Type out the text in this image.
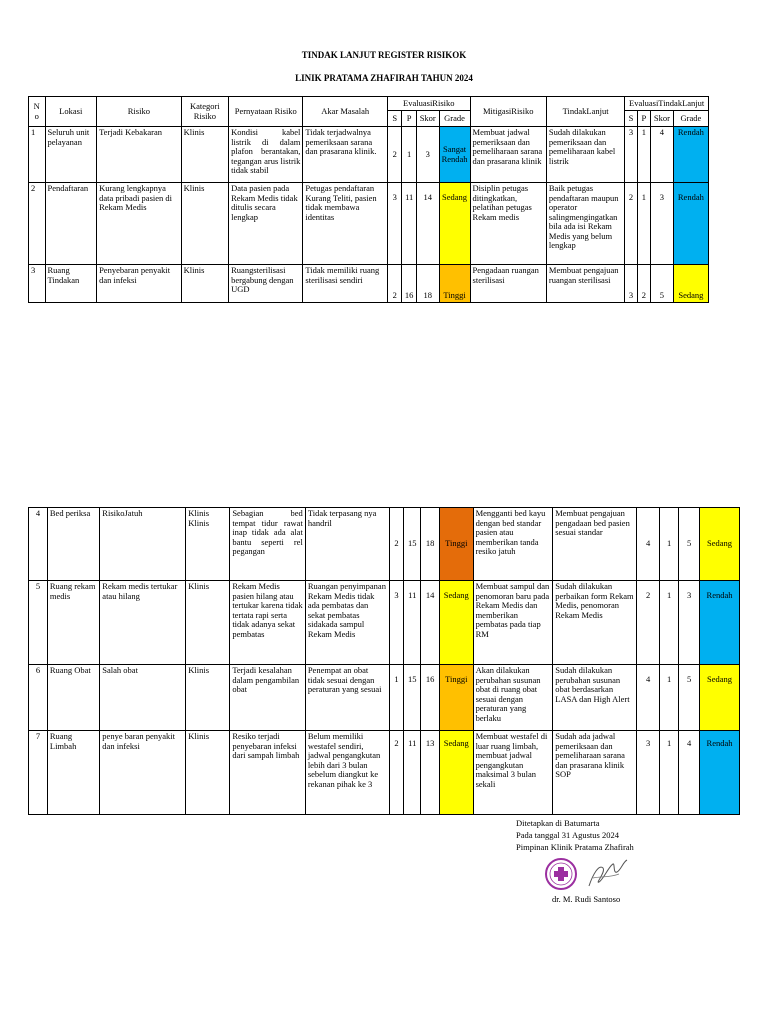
TINDAK LANJUT REGISTER RISIKOK
LINIK PRATAMA ZHAFIRAH TAHUN 2024
N o	Lokasi	Risiko	Kategori Risiko	Pernyataan Risiko	Akar Masalah	EvaluasiRisiko				MitigasiRisiko	TindakLanjut	EvaluasiTindakLanjut			
						S	P	Skor	Grade			S	P	Skor	Grade
1	Seluruh unit pelayanan	Terjadi Kebakaran	Klinis	Kondisi kabel listrik di dalam plafon berantakan, tegangan arus listrik tidak stabil	Tidak terjadwalnya pemeriksaan sarana dan prasarana klinik.	2	1	3	Sangat Rendah	Membuat jadwal pemeriksaan dan pemeliharaan sarana dan prasarana klinik	Sudah dilakukan pemeriksaan dan pemeliharaan kabel listrik	3	1	4	Rendah
2	Pendaftaran	Kurang lengkapnya data pribadi pasien di Rekam Medis	Klinis	Data pasien pada Rekam Medis tidak ditulis secara lengkap	Petugas pendaftaran Kurang Teliti, pasien tidak membawa identitas	3	11	14	Sedang	Disiplin petugas ditingkatkan, pelatihan petugas Rekam medis	Baik petugas pendaftaran maupun operator salingmengingatkan bila ada isi Rekam Medis yang belum lengkap	2	1	3	Rendah
3	Ruang Tindakan	Penyebaran penyakit dan infeksi	Klinis	Ruangsterilisasi bergabung dengan UGD	Tidak memiliki ruang sterilisasi sendiri	2	16	18	Tinggi	Pengadaan ruangan sterilisasi	Membuat pengajuan ruangan sterilisasi	3	2	5	Sedang
4	Bed periksa	RisikoJatuh	Klinis Klinis	Sebagian bed tempat tidur rawat inap tidak ada alat bantu seperti rel pegangan	Tidak terpasang nya handril	2	15	18	Tinggi	Mengganti bed kayu dengan bed standar pasien atau memberikan tanda resiko jatuh	Membuat pengajuan pengadaan bed pasien sesuai standar	4	1	5	Sedang
5	Ruang rekam medis	Rekam medis tertukar atau hilang	Klinis	Rekam Medis pasien hilang atau tertukar karena tidak tertata rapi serta tidak adanya sekat pembatas	Ruangan penyimpanan Rekam Medis tidak ada pembatas dan sekat pembatas sidakada sampul Rekam Medis	3	11	14	Sedang	Membuat sampul dan penomoran baru pada Rekam Medis dan memberikan pembatas pada tiap RM	Sudah dilakukan perbaikan form Rekam Medis, penomoran Rekam Medis	2	1	3	Rendah
6	Ruang Obat	Salah obat	Klinis	Terjadi kesalahan dalam pengambilan obat	Penempat an obat tidak sesuai dengan peraturan yang sesuai	1	15	16	Tinggi	Akan dilakukan perubahan susunan obat di ruang obat sesuai dengan peraturan yang berlaku	Sudah dilakukan perubahan susunan obat berdasarkan LASA dan High Alert	4	1	5	Sedang
7	Ruang Limbah	penye baran penyakit dan infeksi	Klinis	Resiko terjadi penyebaran infeksi dari sampah limbah	Belum memiliki westafel sendiri, jadwal pengangkutan lebih dari 3 bulan sebelum diangkut ke rekanan pihak ke 3	2	11	13	Sedang	Membuat westafel di luar ruang limbah, membuat jadwal pengangkutan maksimal 3 bulan sekali	Sudah ada jadwal pemeriksaan dan pemeliharaan sarana dan prasarana klinik SOP	3	1	4	Rendah
Ditetapkan di Batumarta
Pada tanggal 31 Agustus 2024
Pimpinan Klinik Pratama Zhafirah
dr. M. Rudi Santoso
